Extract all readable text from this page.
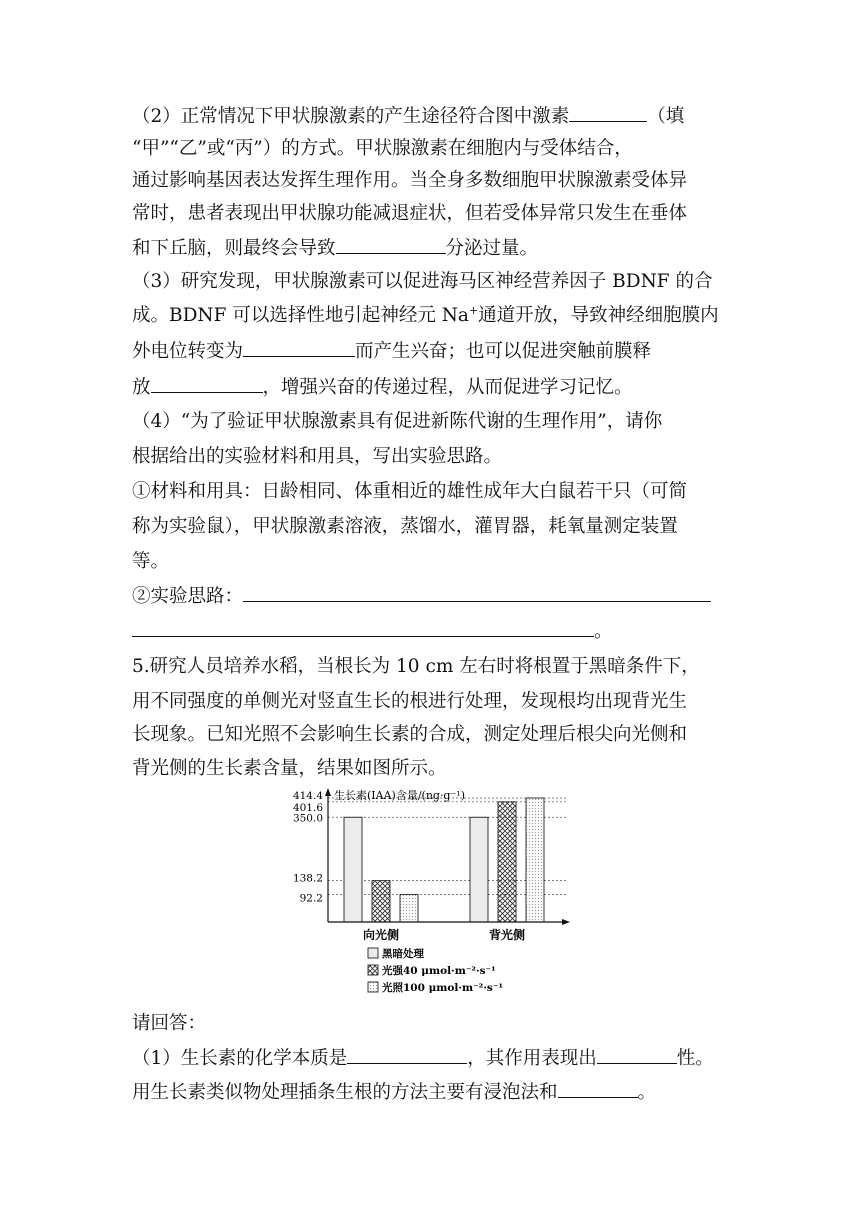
（2）正常情况下甲状腺激素的产生途径符合图中激素	（填
“甲”“乙”或“丙”）的方式。甲状腺激素在细胞内与受体结合，
通过影响基因表达发挥生理作用。当全身多数细胞甲状腺激素受体异
常时，患者表现出甲状腺功能减退症状，但若受体异常只发生在垂体
和下丘脑，则最终会导致	分泌过量。
（3）研究发现，甲状腺激素可以促进海马区神经营养因子 BDNF 的合
成。BDNF 可以选择性地引起神经元 Na+通道开放，导致神经细胞膜内
外电位转变为	而产生兴奋；也可以促进突触前膜释
放	，增强兴奋的传递过程，从而促进学习记忆。
（4）“为了验证甲状腺激素具有促进新陈代谢的生理作用”，请你
根据给出的实验材料和用具，写出实验思路。
①材料和用具：日龄相同、体重相近的雄性成年大白鼠若干只（可简
称为实验鼠），甲状腺激素溶液，蒸馏水，灌胃器，耗氧量测定装置
等。
②实验思路：
。
5.研究人员培养水稻，当根长为 10 cm 左右时将根置于黑暗条件下，
用不同强度的单侧光对竖直生长的根进行处理，发现根均出现背光生
长现象。已知光照不会影响生长素的合成，测定处理后根尖向光侧和
背光侧的生长素含量，结果如图所示。
生长素(IAA)含量/(ng·g⁻¹)
414.4
401.6
350.0
138.2
92.2
向光侧	背光侧
黑暗处理
光强40 μmol·m⁻²·s⁻¹
光照100 μmol·m⁻²·s⁻¹
请回答：
（1）生长素的化学本质是	，其作用表现出	性。
用生长素类似物处理插条生根的方法主要有浸泡法和	。
